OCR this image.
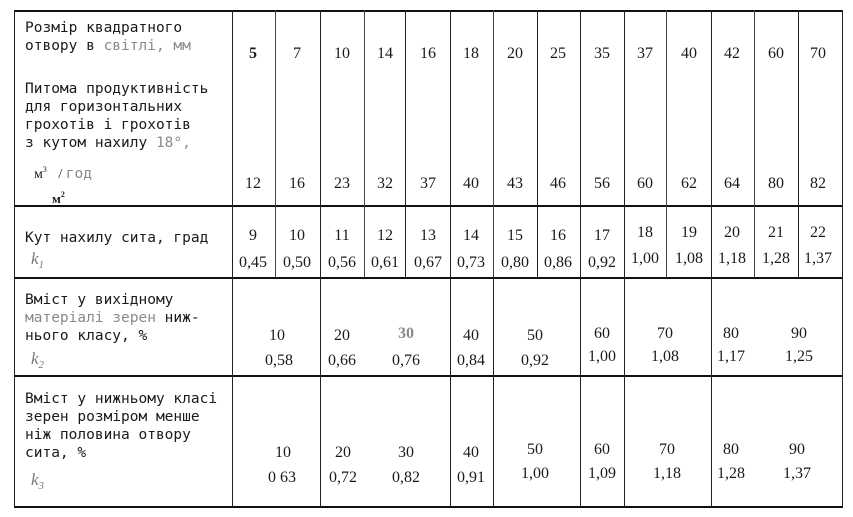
Розмір квадратного
отвору в світлі, мм
Питома продуктивність
для горизонтальних
грохотів і грохотів
з кутом нахилу 18°,
$м^3$ / год
$м^2$
5	7	10	14	16	18	20	25	35	37	40	42	60	70
12	16	23	32	37	40	43	46	56	60	62	64	80	82
Кут нахилу сита, град
$k_1$
9	10	11	12	13	14	15	16	17	18	19	20	21	22
0,45	0,50	0,56 0,61 0,67 0,73	0,80 0,86	0,92 1,00	1,08 1,18	1,28 1,37
Вміст у вихідному
матеріалі зерен ниж-
нього класу, %
$k_2$
10	20	30	40	50	60	70	80	90
0,58	0,66	0,76	0,84	0,92	1,00	1,08	1,17	1,25
Вміст у нижньому класі
зерен розміром менше
ніж половина отвору
сита, %
$k_3$
10	20	30	40	50	60	70	80	90
0 63	0,72	0,82	0,91	1,00	1,09	1,18	1,28	1,37
